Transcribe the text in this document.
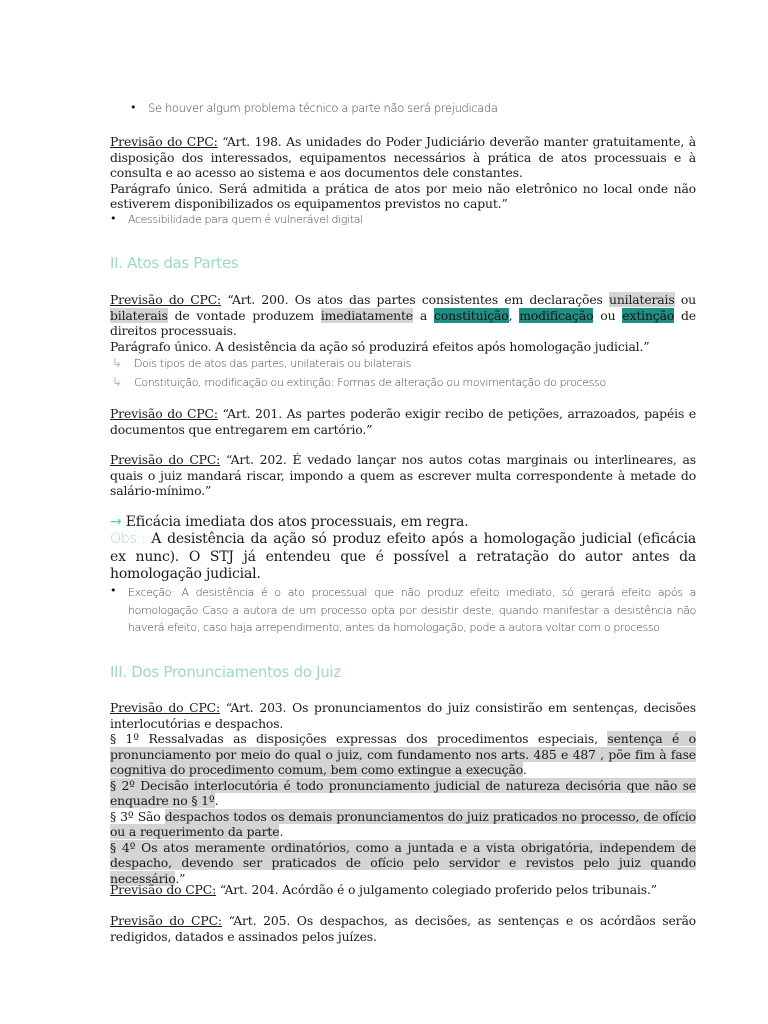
•	Se houver algum problema técnico a parte não será prejudicada
Previsão do CPC: “Art. 198. As unidades do Poder Judiciário deverão manter gratuitamente, à disposição dos interessados, equipamentos necessários à prática de atos processuais e à consulta e ao acesso ao sistema e aos documentos dele constantes.
Parágrafo único. Será admitida a prática de atos por meio não eletrônico no local onde não estiverem disponibilizados os equipamentos previstos no caput.”
•	Acessibilidade para quem é vulnerável digital
II. Atos das Partes
Previsão do CPC: “Art. 200. Os atos das partes consistentes em declarações unilaterais ou bilaterais de vontade produzem imediatamente a constituição, modificação ou extinção de direitos processuais.
Parágrafo único. A desistência da ação só produzirá efeitos após homologação judicial.”
↳	Dois tipos de atos das partes, unilaterais ou bilaterais
↳	Constituição, modificação ou extinção: Formas de alteração ou movimentação do processo
Previsão do CPC: “Art. 201. As partes poderão exigir recibo de petições, arrazoados, papéis e documentos que entregarem em cartório.”
Previsão do CPC: “Art. 202. É vedado lançar nos autos cotas marginais ou interlineares, as quais o juiz mandará riscar, impondo a quem as escrever multa correspondente à metade do salário-mínimo.”
→ Eficácia imediata dos atos processuais, em regra.
Obs.: A desistência da ação só produz efeito após a homologação judicial (eficácia ex nunc). O STJ já entendeu que é possível a retratação do autor antes da homologação judicial.
•	Exceção: A desistência é o ato processual que não produz efeito imediato, só gerará efeito após a homologação Caso a autora de um processo opta por desistir deste, quando manifestar a desistência não haverá efeito, caso haja arrependimento, antes da homologação, pode a autora voltar com o processo
III. Dos Pronunciamentos do Juiz
Previsão do CPC: “Art. 203. Os pronunciamentos do juiz consistirão em sentenças, decisões interlocutórias e despachos.
§ 1º Ressalvadas as disposições expressas dos procedimentos especiais, sentença é o pronunciamento por meio do qual o juiz, com fundamento nos arts. 485 e 487 , põe fim à fase cognitiva do procedimento comum, bem como extingue a execução.
§ 2º Decisão interlocutória é todo pronunciamento judicial de natureza decisória que não se enquadre no § 1º.
§ 3º São despachos todos os demais pronunciamentos do juiz praticados no processo, de ofício ou a requerimento da parte.
§ 4º Os atos meramente ordinatórios, como a juntada e a vista obrigatória, independem de despacho, devendo ser praticados de ofício pelo servidor e revistos pelo juiz quando necessário.”
Previsão do CPC: “Art. 204. Acórdão é o julgamento colegiado proferido pelos tribunais.”
Previsão do CPC: “Art. 205. Os despachos, as decisões, as sentenças e os acórdãos serão redigidos, datados e assinados pelos juízes.
